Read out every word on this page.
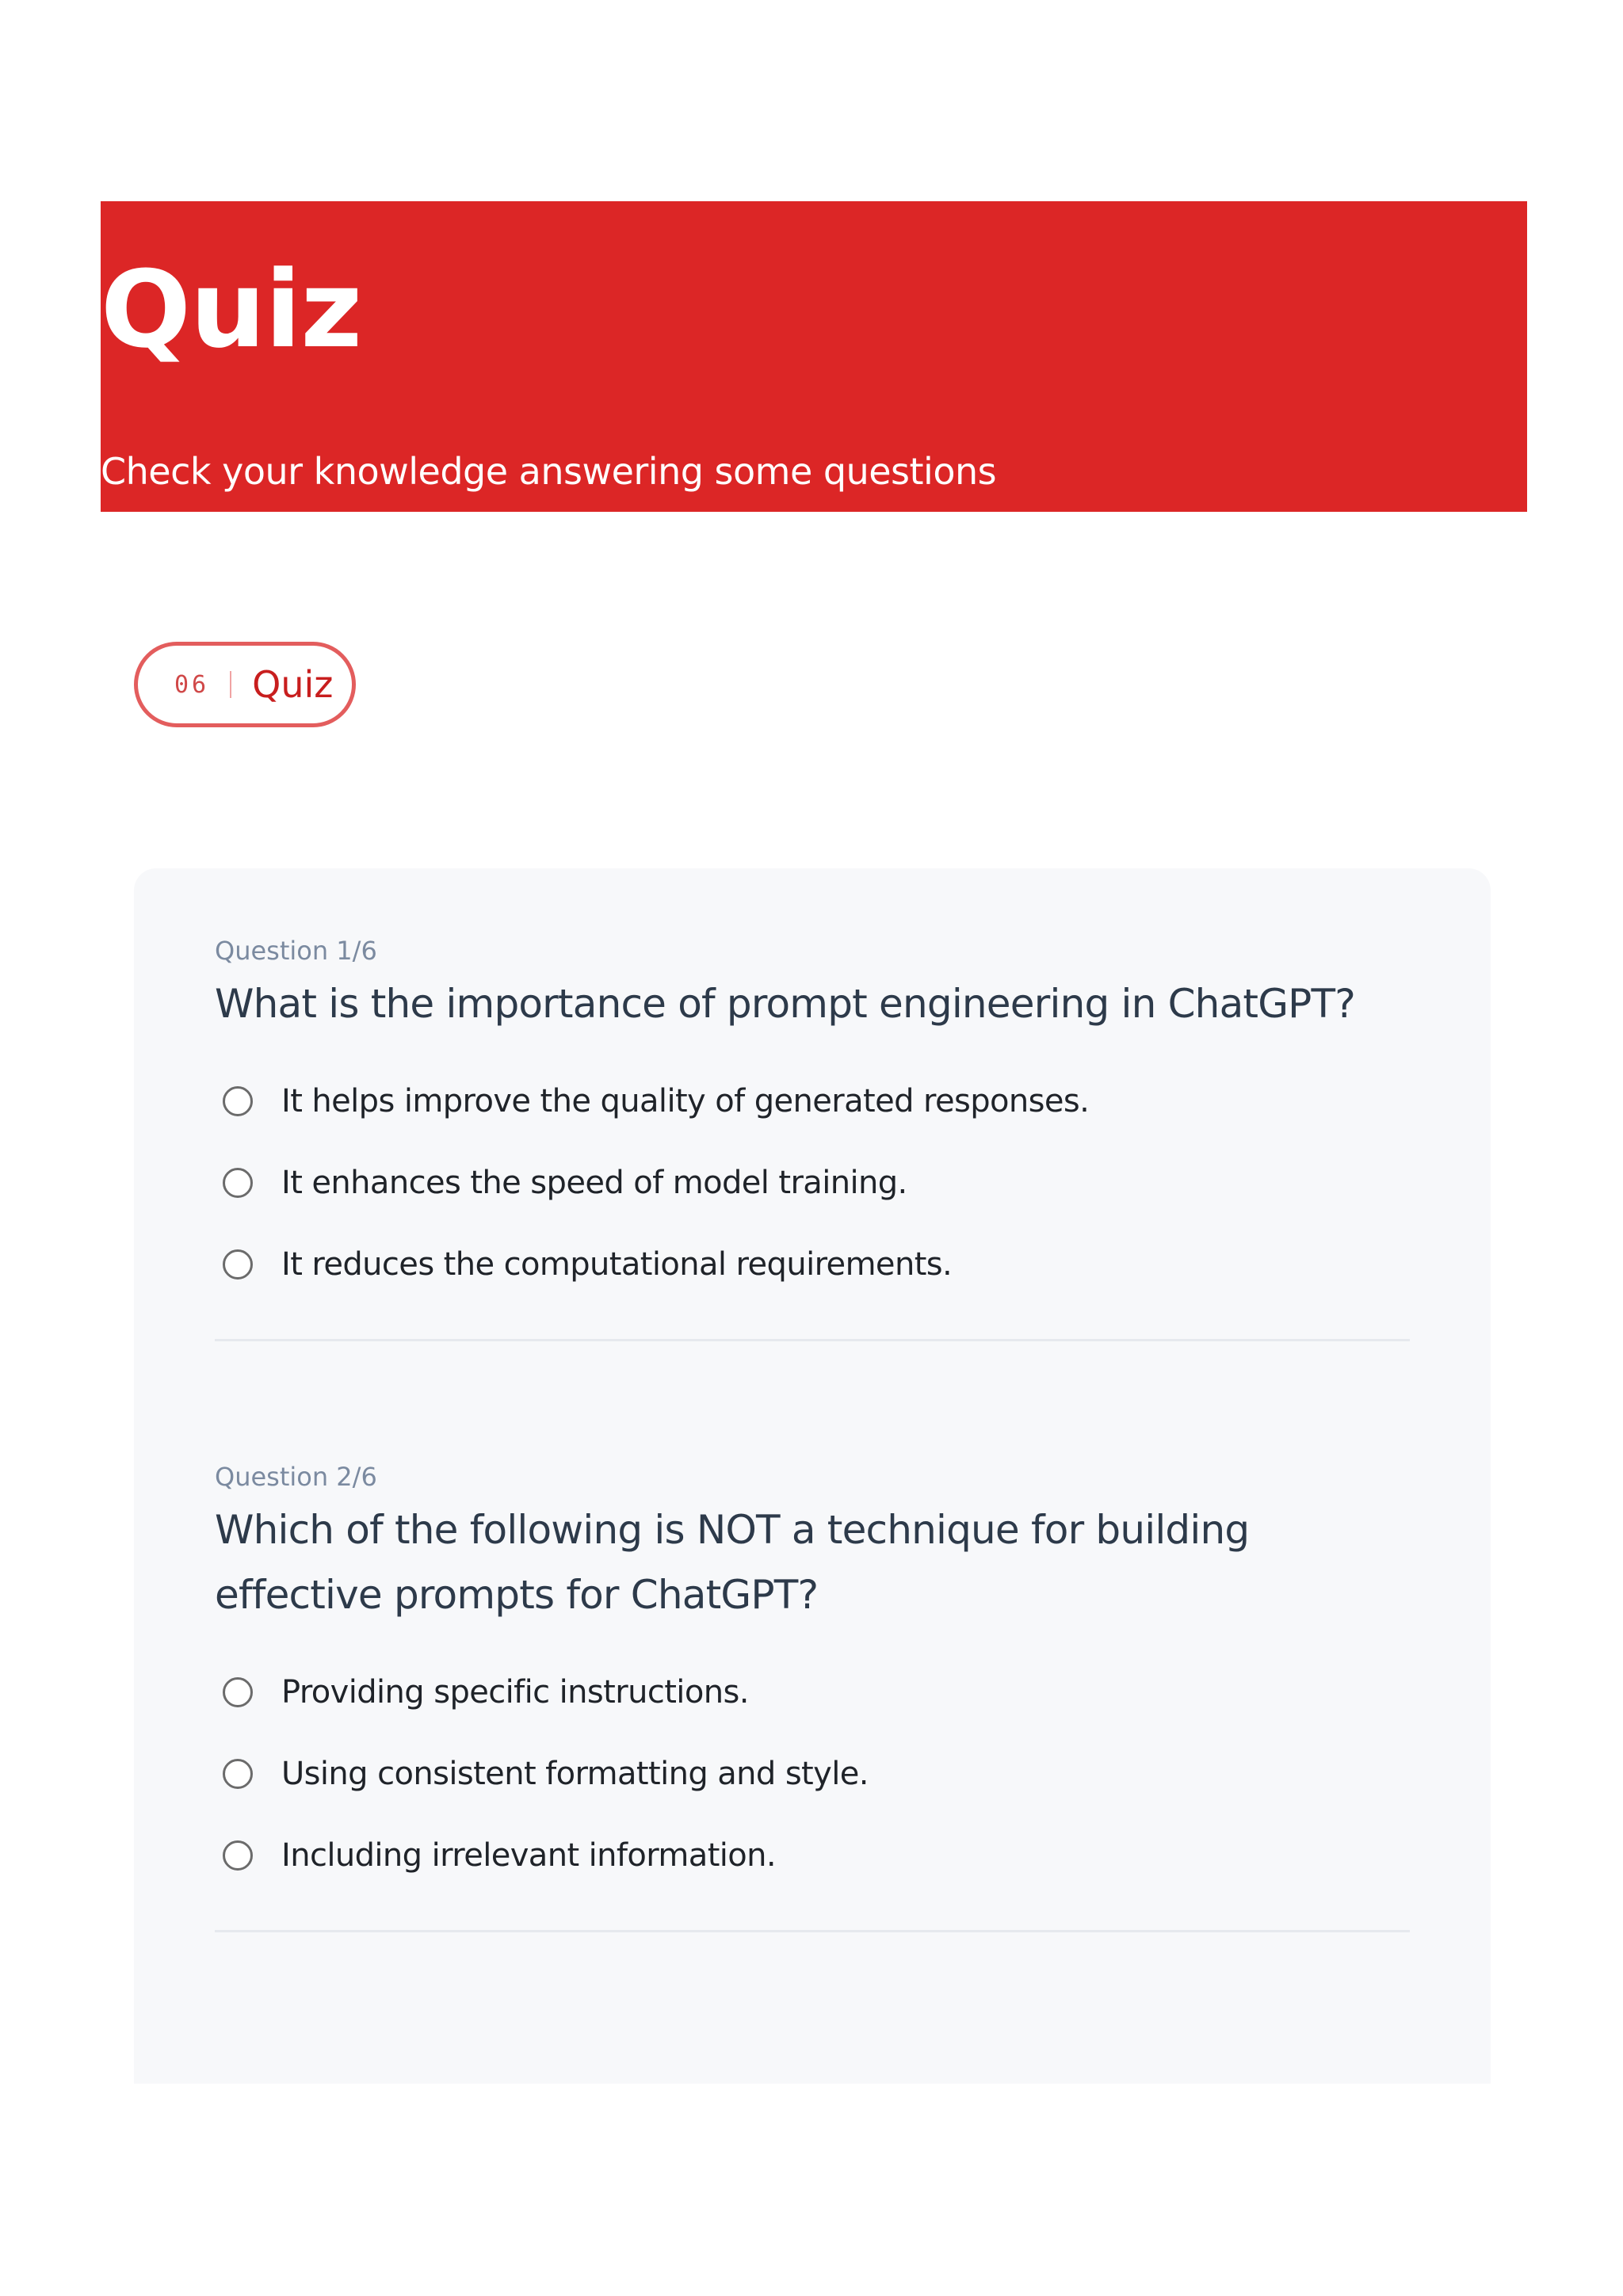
Quiz
Check your knowledge answering some questions
06 Quiz
Question 1/6
What is the importance of prompt engineering in ChatGPT?
It helps improve the quality of generated responses.
It enhances the speed of model training.
It reduces the computational requirements.
Question 2/6
Which of the following is NOT a technique for building effective prompts for ChatGPT?
Providing specific instructions.
Using consistent formatting and style.
Including irrelevant information.
